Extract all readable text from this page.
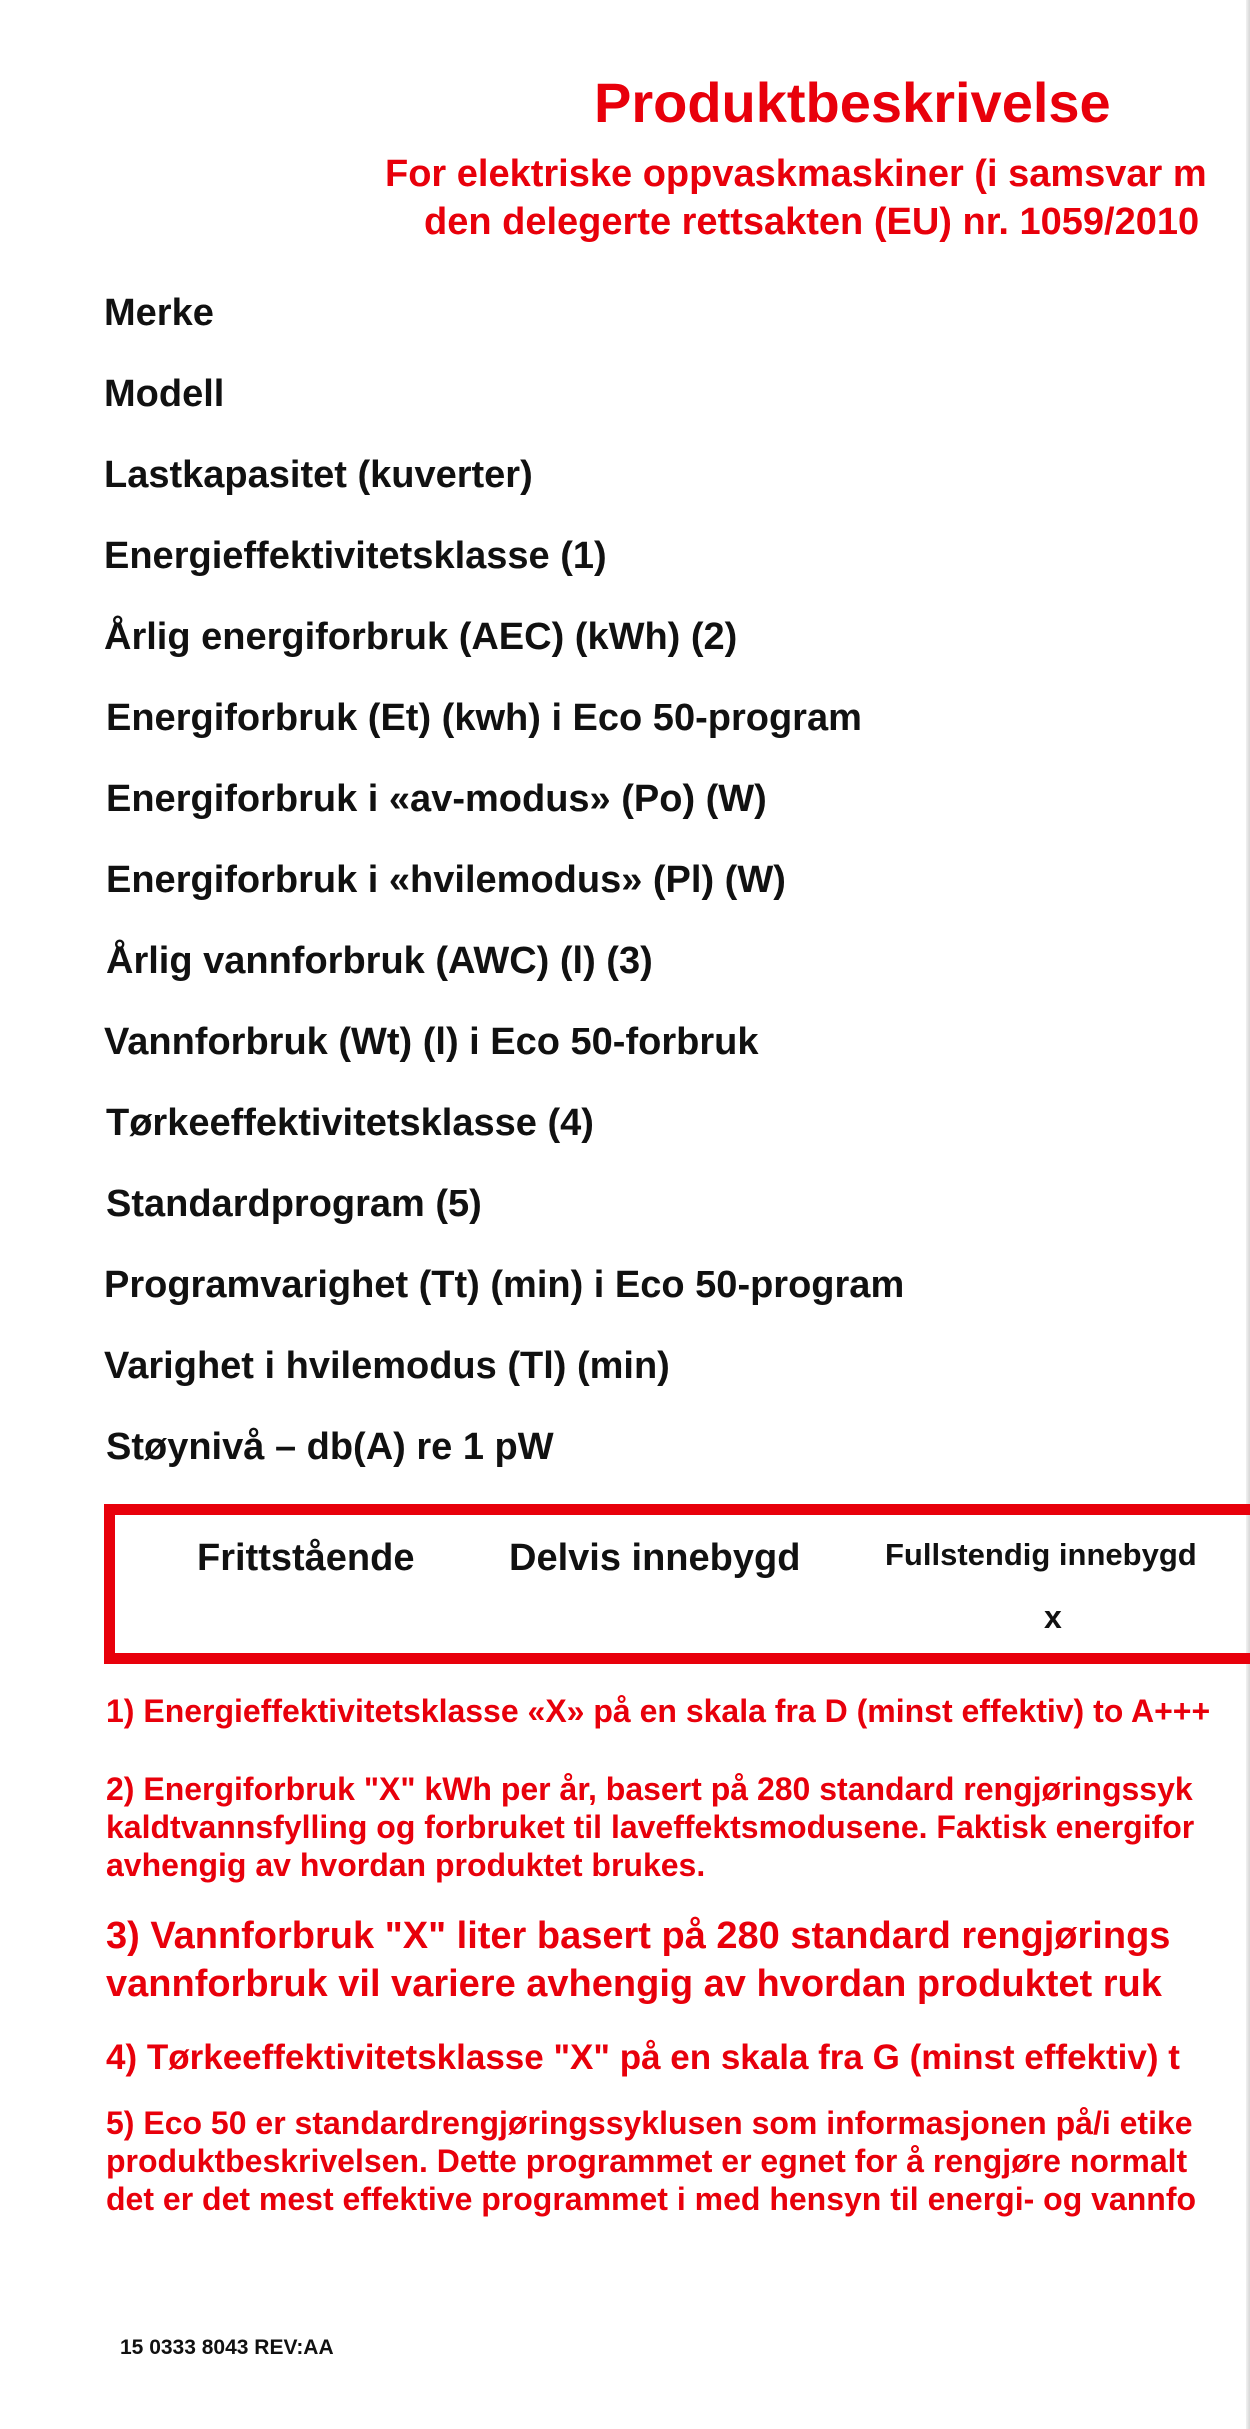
Produktbeskrivelse

For elektriske oppvaskmaskiner (i samsvar m

den delegerte rettsakten (EU) nr. 1059/2010

Merke

Modell

Lastkapasitet (kuverter)

Energieffektivitetsklasse (1)

Årlig energiforbruk (AEC) (kWh) (2)

Energiforbruk (Et) (kwh) i Eco 50-program

Energiforbruk i «av-modus» (Po) (W)

Energiforbruk i «hvilemodus» (Pl) (W)

Årlig vannforbruk (AWC) (l) (3)

Vannforbruk (Wt) (l) i Eco 50-forbruk

Tørkeeffektivitetsklasse (4)

Standardprogram (5)

Programvarighet (Tt) (min) i Eco 50-program

Varighet i hvilemodus (Tl) (min)

Støynivå – db(A) re 1 pW

Frittstående Delvis innebygd	Fullstendig innebygd
x

1) Energieffektivitetsklasse «X» på en skala fra D (minst effektiv) to A+++

2) Energiforbruk "X" kWh per år, basert på 280 standard rengjøringssyk
kaldtvannsfylling og forbruket til laveffektsmodusene. Faktisk energifor
avhengig av hvordan produktet brukes.

3) Vannforbruk "X" liter basert på 280 standard rengjørings
vannforbruk vil variere avhengig av hvordan produktet ruk

4) Tørkeeffektivitetsklasse "X" på en skala fra G (minst effektiv) t

5) Eco 50 er standardrengjøringssyklusen som informasjonen på/i etike
produktbeskrivelsen. Dette programmet er egnet for å rengjøre normalt
det er det mest effektive programmet i med hensyn til energi- og vannfo

15 0333 8043 REV:AA
